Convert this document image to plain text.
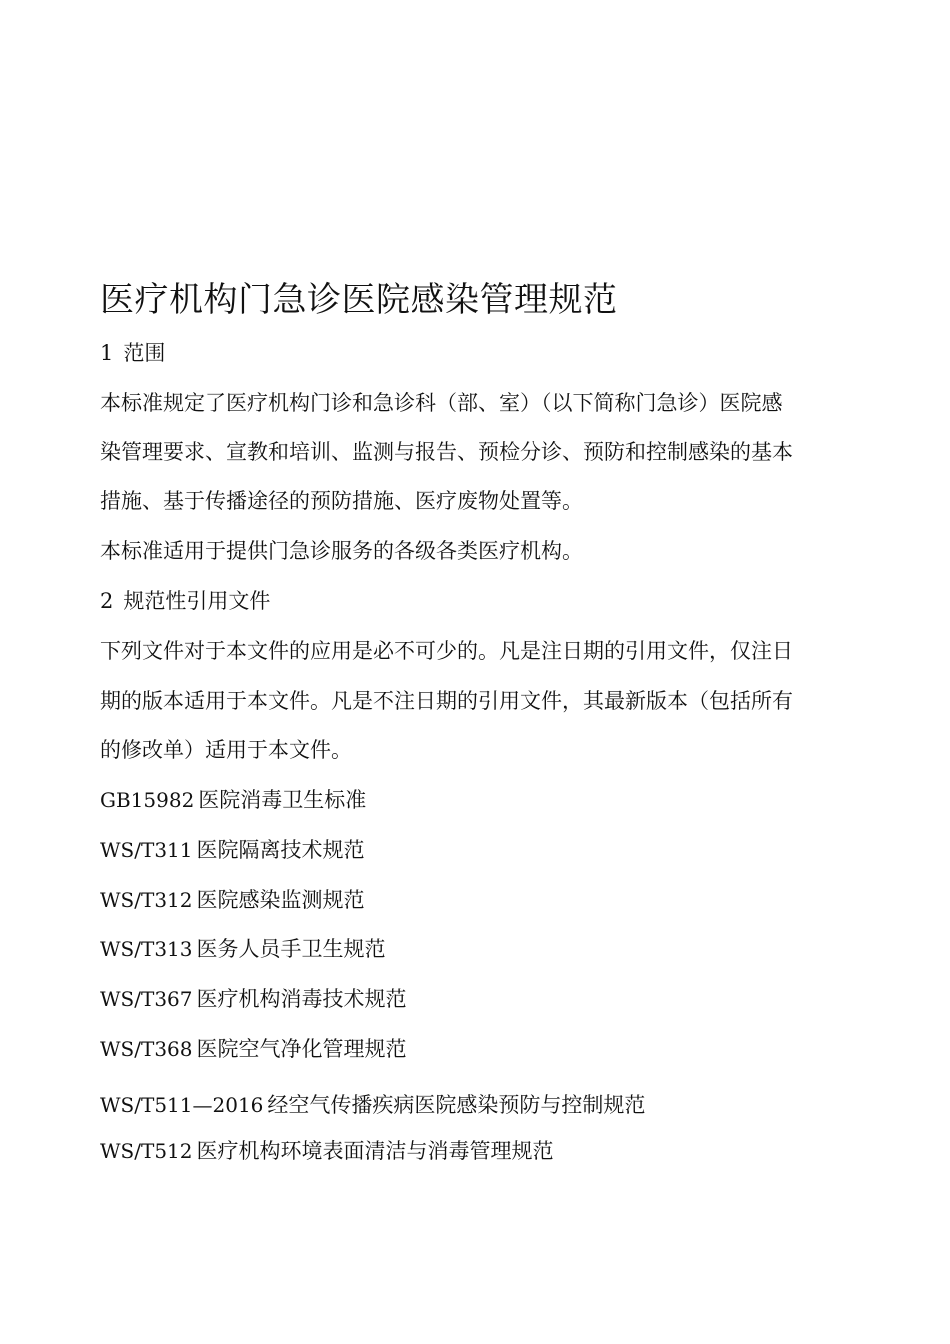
医疗机构门急诊医院感染管理规范
1 范围
本标准规定了医疗机构门诊和急诊科（部、室）（以下简称门急诊）医院感
染管理要求、宣教和培训、监测与报告、预检分诊、预防和控制感染的基本
措施、基于传播途径的预防措施、医疗废物处置等。
本标准适用于提供门急诊服务的各级各类医疗机构。
2 规范性引用文件
下列文件对于本文件的应用是必不可少的。凡是注日期的引用文件，仅注日
期的版本适用于本文件。凡是不注日期的引用文件，其最新版本（包括所有
的修改单）适用于本文件。
GB15982 医院消毒卫生标准
WS/T311 医院隔离技术规范
WS/T312 医院感染监测规范
WS/T313 医务人员手卫生规范
WS/T367 医疗机构消毒技术规范
WS/T368 医院空气净化管理规范
WS/T511—2016 经空气传播疾病医院感染预防与控制规范
WS/T512 医疗机构环境表面清洁与消毒管理规范
